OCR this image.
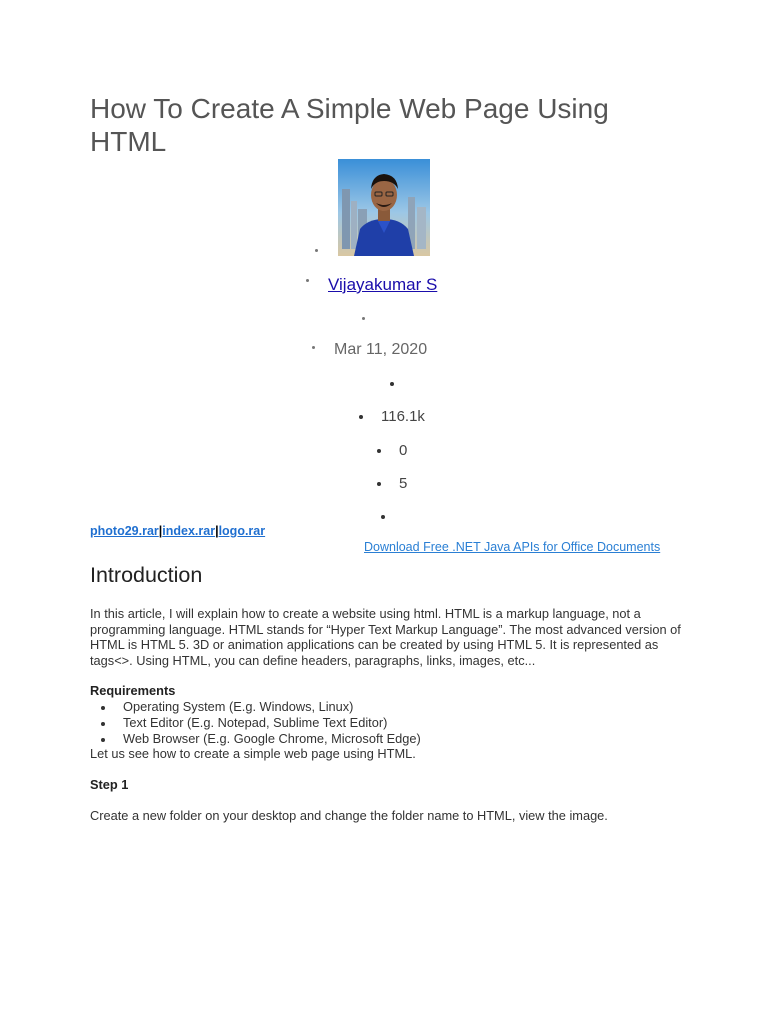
How To Create A Simple Web Page Using HTML
Vijayakumar S
Mar 11, 2020
116.1k
0
5
photo29.rar|index.rar|logo.rar
Download Free .NET Java APIs for Office Documents
Introduction

In this article, I will explain how to create a website using html. HTML is a markup language, not a programming language. HTML stands for “Hyper Text Markup Language”. The most advanced version of HTML is HTML 5. 3D or animation applications can be created by using HTML 5. It is represented as tags<>. Using HTML, you can define headers, paragraphs, links, images, etc...

Requirements
Operating System (E.g. Windows, Linux)
Text Editor (E.g. Notepad, Sublime Text Editor)
Web Browser (E.g. Google Chrome, Microsoft Edge)
Let us see how to create a simple web page using HTML.
Step 1
Create a new folder on your desktop and change the folder name to HTML, view the image.
